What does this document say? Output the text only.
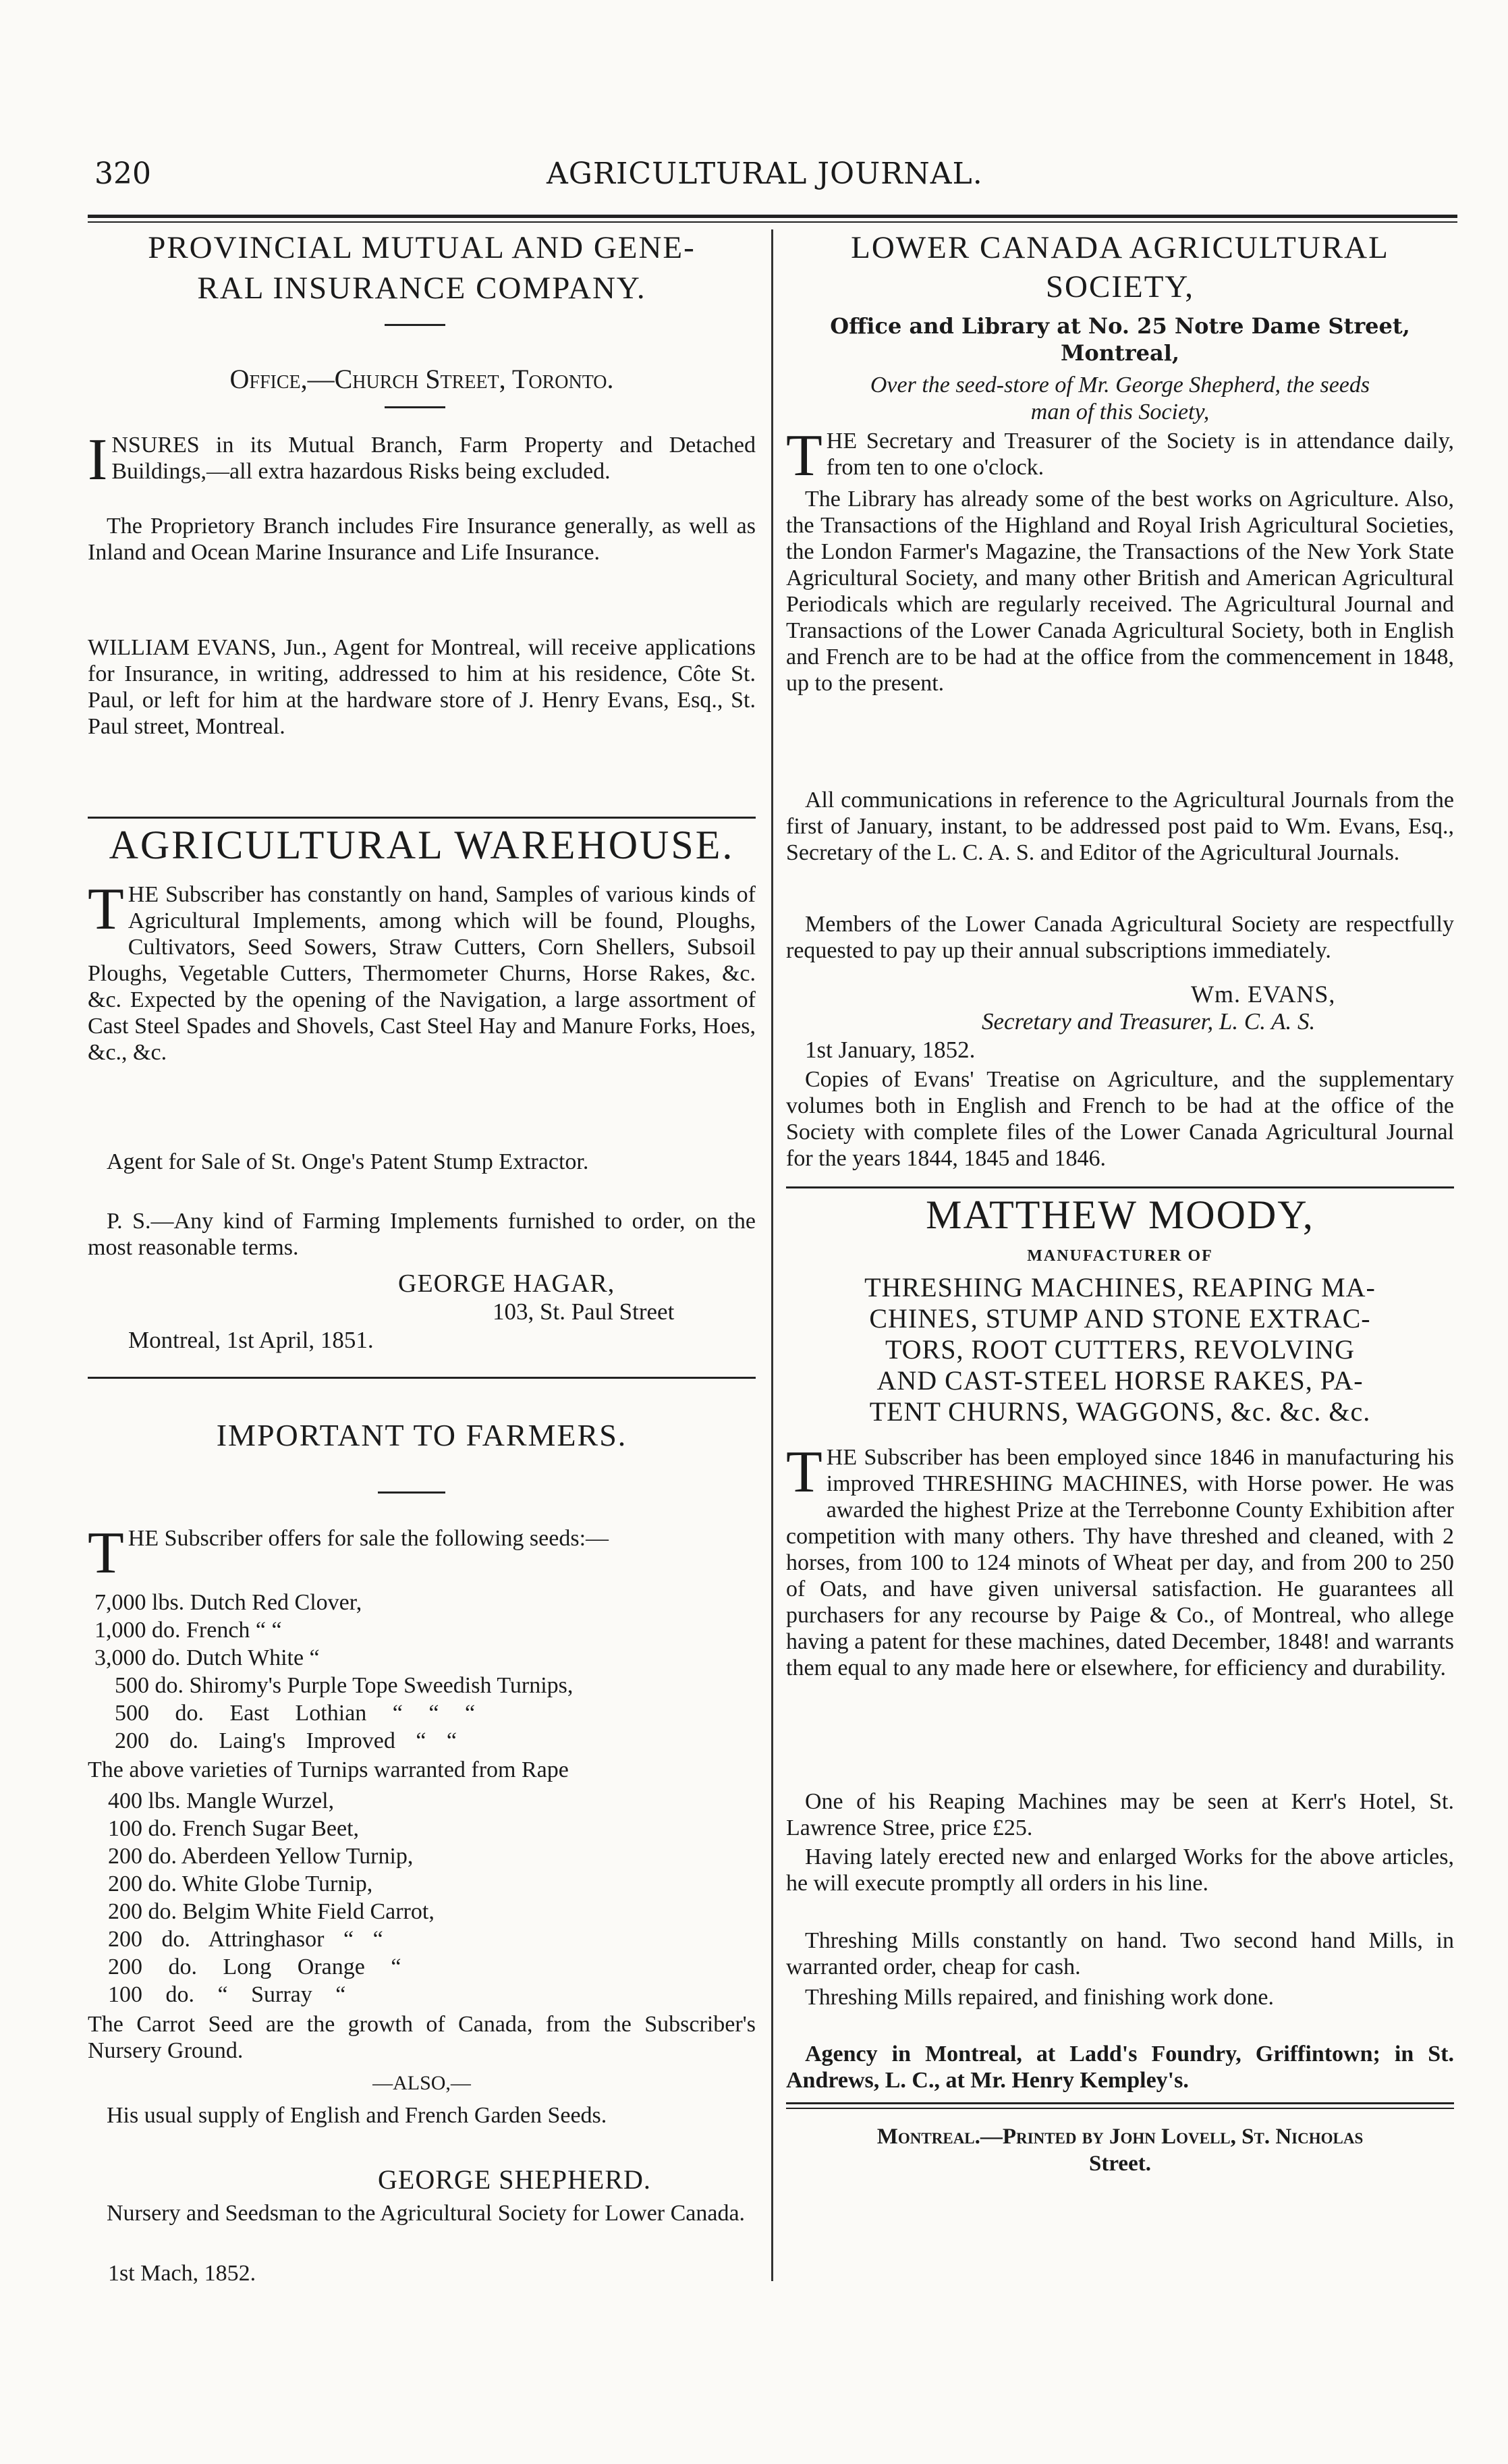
320	AGRICULTURAL JOURNAL.
PROVINCIAL MUTUAL AND GENE-
RAL INSURANCE COMPANY.
Office,—Church Street, Toronto.
INSURES in its Mutual Branch, Farm Property and Detached Buildings,—all extra hazardous Risks being excluded.
The Proprietory Branch includes Fire Insurance generally, as well as Inland and Ocean Marine Insurance and Life Insurance.
WILLIAM EVANS, Jun., Agent for Montreal, will receive applications for Insurance, in writing, addressed to him at his residence, Côte St. Paul, or left for him at the hardware store of J. Henry Evans, Esq., St. Paul street, Montreal.
AGRICULTURAL WAREHOUSE.
THE Subscriber has constantly on hand, Samples of various kinds of Agricultural Implements, among which will be found, Ploughs, Cultivators, Seed Sowers, Straw Cutters, Corn Shellers, Subsoil Ploughs, Vegetable Cutters, Thermometer Churns, Horse Rakes, &c. &c. Expected by the opening of the Navigation, a large assortment of Cast Steel Spades and Shovels, Cast Steel Hay and Manure Forks, Hoes, &c., &c.
Agent for Sale of St. Onge's Patent Stump Extractor.
P. S.—Any kind of Farming Implements furnished to order, on the most reasonable terms.
GEORGE HAGAR,
103, St. Paul Street
Montreal, 1st April, 1851.
IMPORTANT TO FARMERS.
THE Subscriber offers for sale the following seeds:—
7,000 lbs. Dutch Red Clover,
1,000 do. French “ “
3,000 do. Dutch White “
500 do. Shiromy's Purple Tope Sweedish Turnips,
500 do. East Lothian “ “ “
200 do. Laing's Improved “ “
The above varieties of Turnips warranted from Rape
400 lbs. Mangle Wurzel,
100 do. French Sugar Beet,
200 do. Aberdeen Yellow Turnip,
200 do. White Globe Turnip,
200 do. Belgim White Field Carrot,
200 do. Attringhasor “ “
200 do. Long Orange “
100 do. “ Surray “
The Carrot Seed are the growth of Canada, from the Subscriber's Nursery Ground.
—ALSO,—
His usual supply of English and French Garden Seeds.
GEORGE SHEPHERD.
Nursery and Seedsman to the Agricultural Society for Lower Canada.
1st Mach, 1852.
LOWER CANADA AGRICULTURAL
SOCIETY,
Office and Library at No. 25 Notre Dame Street,
Montreal,
Over the seed-store of Mr. George Shepherd, the seeds
man of this Society,
THE Secretary and Treasurer of the Society is in attendance daily, from ten to one o'clock.
The Library has already some of the best works on Agriculture. Also, the Transactions of the Highland and Royal Irish Agricultural Societies, the London Farmer's Magazine, the Transactions of the New York State Agricultural Society, and many other British and American Agricultural Periodicals which are regularly received. The Agricultural Journal and Transactions of the Lower Canada Agricultural Society, both in English and French are to be had at the office from the commencement in 1848, up to the present.
All communications in reference to the Agricultural Journals from the first of January, instant, to be addressed post paid to Wm. Evans, Esq., Secretary of the L. C. A. S. and Editor of the Agricultural Journals.
Members of the Lower Canada Agricultural Society are respectfully requested to pay up their annual subscriptions immediately.
Wm. EVANS,
Secretary and Treasurer, L. C. A. S.
1st January, 1852.
Copies of Evans' Treatise on Agriculture, and the supplementary volumes both in English and French to be had at the office of the Society with complete files of the Lower Canada Agricultural Journal for the years 1844, 1845 and 1846.
MATTHEW MOODY,
MANUFACTURER OF
THRESHING MACHINES, REAPING MA-
CHINES, STUMP AND STONE EXTRAC-
TORS, ROOT CUTTERS, REVOLVING
AND CAST-STEEL HORSE RAKES, PA-
TENT CHURNS, WAGGONS, &c. &c. &c.
THE Subscriber has been employed since 1846 in manufacturing his improved THRESHING MACHINES, with Horse power. He was awarded the highest Prize at the Terrebonne County Exhibition after competition with many others. Thy have threshed and cleaned, with 2 horses, from 100 to 124 minots of Wheat per day, and from 200 to 250 of Oats, and have given universal satisfaction. He guarantees all purchasers for any recourse by Paige & Co., of Montreal, who allege having a patent for these machines, dated December, 1848! and warrants them equal to any made here or elsewhere, for efficiency and durability.
One of his Reaping Machines may be seen at Kerr's Hotel, St. Lawrence Stree, price £25.
Having lately erected new and enlarged Works for the above articles, he will execute promptly all orders in his line.
Threshing Mills constantly on hand. Two second hand Mills, in warranted order, cheap for cash.
Threshing Mills repaired, and finishing work done.
Agency in Montreal, at Ladd's Foundry, Griffintown; in St. Andrews, L. C., at Mr. Henry Kempley's.
Montreal.—Printed by John Lovell, St. Nicholas
Street.
